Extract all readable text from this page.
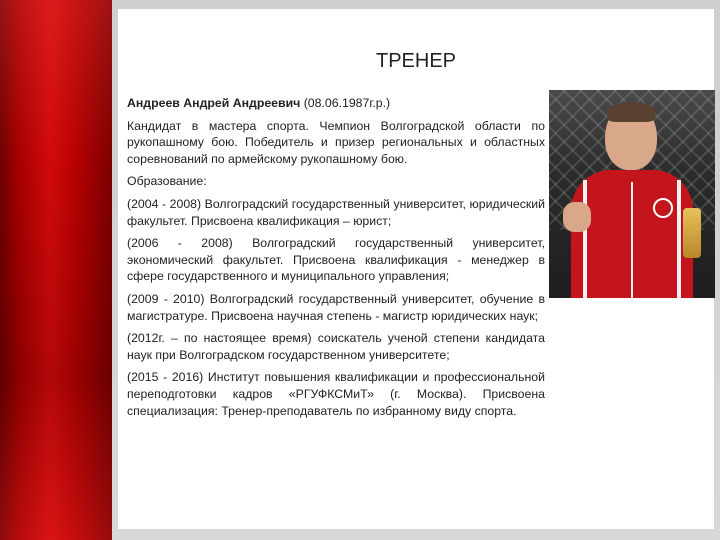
ТРЕНЕР

Андреев Андрей Андреевич (08.06.1987г.р.)

Кандидат в мастера спорта. Чемпион Волгоградской области по рукопашному бою. Победитель и призер региональных и областных соревнований по армейскому рукопашному бою.

Образование:

(2004 - 2008) Волгоградский государственный университет, юридический факультет. Присвоена квалификация – юрист;

(2006 - 2008) Волгоградский государственный университет, экономический факультет. Присвоена квалификация - менеджер в сфере государственного и муниципального управления;

(2009 - 2010) Волгоградский государственный университет, обучение в магистратуре. Присвоена научная степень - магистр юридических наук;

(2012г. – по настоящее время) соискатель ученой степени кандидата наук при Волгоградском государственном университете;

(2015 - 2016) Институт повышения квалификации и профессиональной переподготовки кадров «РГУФКСМиТ» (г. Москва). Присвоена специализация: Тренер-преподаватель по избранному виду спорта.
